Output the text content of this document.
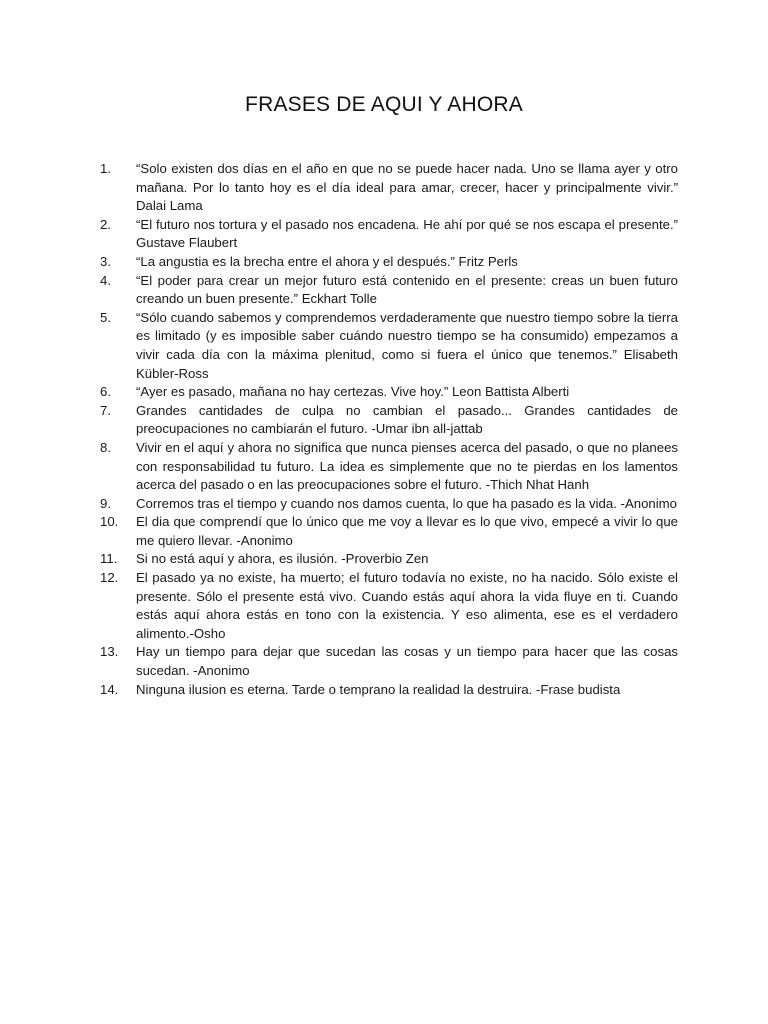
FRASES DE AQUI Y AHORA
1.	“Solo existen dos días en el año en que no se puede hacer nada. Uno se llama ayer y otro mañana. Por lo tanto hoy es el día ideal para amar, crecer, hacer y principalmente vivir.” Dalai Lama
2.	“El futuro nos tortura y el pasado nos encadena. He ahí por qué se nos escapa el presente.” Gustave Flaubert
3.	“La angustia es la brecha entre el ahora y el después.” Fritz Perls
4.	“El poder para crear un mejor futuro está contenido en el presente: creas un buen futuro creando un buen presente.” Eckhart Tolle
5.	“Sólo cuando sabemos y comprendemos verdaderamente que nuestro tiempo sobre la tierra es limitado (y es imposible saber cuándo nuestro tiempo se ha consumido) empezamos a vivir cada día con la máxima plenitud, como si fuera el único que tenemos.” Elisabeth Kübler-Ross
6.	“Ayer es pasado, mañana no hay certezas. Vive hoy.” Leon Battista Alberti
7.	Grandes cantidades de culpa no cambian el pasado... Grandes cantidades de preocupaciones no cambiarán el futuro. -Umar ibn all-jattab
8.	Vivir en el aquí y ahora no significa que nunca pienses acerca del pasado, o que no planees con responsabilidad tu futuro. La idea es simplemente que no te pierdas en los lamentos acerca del pasado o en las preocupaciones sobre el futuro. -Thich Nhat Hanh
9.	Corremos tras el tiempo y cuando nos damos cuenta, lo que ha pasado es la vida. -Anonimo
10.	El dia que comprendí que lo único que me voy a llevar es lo que vivo, empecé a vivir lo que me quiero llevar. -Anonimo
11.	Si no está aquí y ahora, es ilusión. -Proverbio Zen
12.	El pasado ya no existe, ha muerto; el futuro todavía no existe, no ha nacido. Sólo existe el presente. Sólo el presente está vivo. Cuando estás aquí ahora la vida fluye en ti. Cuando estás aquí ahora estás en tono con la existencia. Y eso alimenta, ese es el verdadero alimento.-Osho
13.	Hay un tiempo para dejar que sucedan las cosas y un tiempo para hacer que las cosas sucedan. -Anonimo
14.	Ninguna ilusion es eterna. Tarde o temprano la realidad la destruira. -Frase budista
